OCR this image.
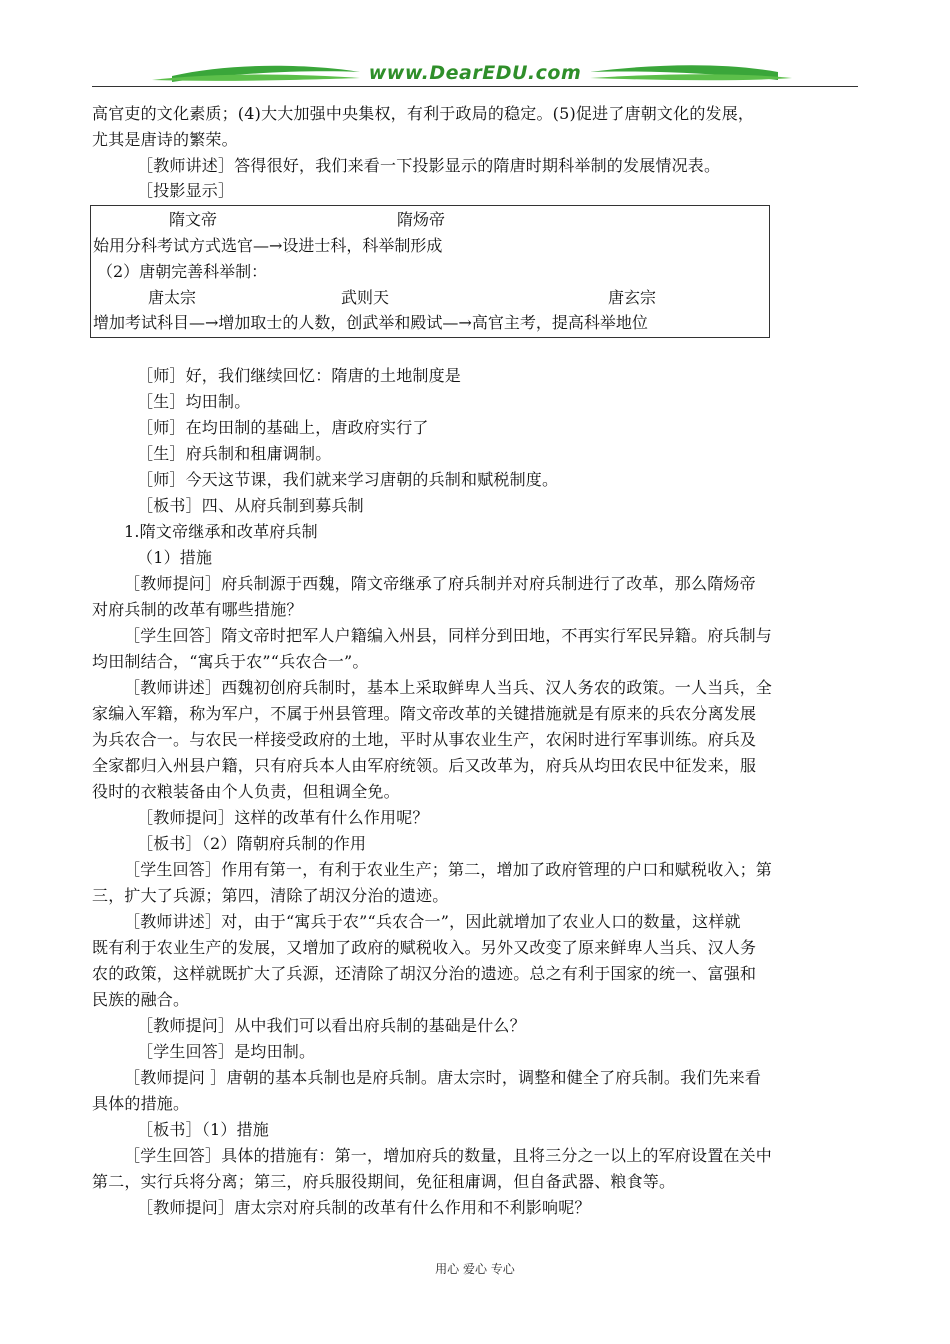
www.DearEDU.com
高官吏的文化素质；(4)大大加强中央集权，有利于政局的稳定。(5)促进了唐朝文化的发展，
尤其是唐诗的繁荣。
［教师讲述］答得很好，我们来看一下投影显示的隋唐时期科举制的发展情况表。
［投影显示］
隋文帝	隋炀帝
始用分科考试方式选官—→设进士科，科举制形成
（2）唐朝完善科举制：
唐太宗	武则天	唐玄宗
增加考试科目—→增加取士的人数，创武举和殿试—→高官主考，提高科举地位
［师］好，我们继续回忆：隋唐的土地制度是
［生］均田制。
［师］在均田制的基础上，唐政府实行了
［生］府兵制和租庸调制。
［师］今天这节课，我们就来学习唐朝的兵制和赋税制度。
［板书］四、从府兵制到募兵制
1.隋文帝继承和改革府兵制
（1）措施
［教师提问］府兵制源于西魏，隋文帝继承了府兵制并对府兵制进行了改革，那么隋炀帝
对府兵制的改革有哪些措施？
［学生回答］隋文帝时把军人户籍编入州县，同样分到田地，不再实行军民异籍。府兵制与
均田制结合，“寓兵于农”“兵农合一”。
［教师讲述］西魏初创府兵制时，基本上采取鲜卑人当兵、汉人务农的政策。一人当兵，全
家编入军籍，称为军户，不属于州县管理。隋文帝改革的关键措施就是有原来的兵农分离发展
为兵农合一。与农民一样接受政府的土地，平时从事农业生产，农闲时进行军事训练。府兵及
全家都归入州县户籍，只有府兵本人由军府统领。后又改革为，府兵从均田农民中征发来，服
役时的衣粮装备由个人负责，但租调全免。
［教师提问］这样的改革有什么作用呢？
［板书］（2）隋朝府兵制的作用
［学生回答］作用有第一，有利于农业生产；第二，增加了政府管理的户口和赋税收入；第
三，扩大了兵源；第四，清除了胡汉分治的遗迹。
［教师讲述］对，由于“寓兵于农”“兵农合一”，因此就增加了农业人口的数量，这样就
既有利于农业生产的发展，又增加了政府的赋税收入。另外又改变了原来鲜卑人当兵、汉人务
农的政策，这样就既扩大了兵源，还清除了胡汉分治的遗迹。总之有利于国家的统一、富强和
民族的融合。
［教师提问］从中我们可以看出府兵制的基础是什么？
［学生回答］是均田制。
［教师提问 ］唐朝的基本兵制也是府兵制。唐太宗时，调整和健全了府兵制。我们先来看
具体的措施。
［板书］（1）措施
［学生回答］具体的措施有：第一，增加府兵的数量，且将三分之一以上的军府设置在关中
第二，实行兵将分离；第三，府兵服役期间，免征租庸调，但自备武器、粮食等。
［教师提问］唐太宗对府兵制的改革有什么作用和不利影响呢？
用心 爱心 专心
